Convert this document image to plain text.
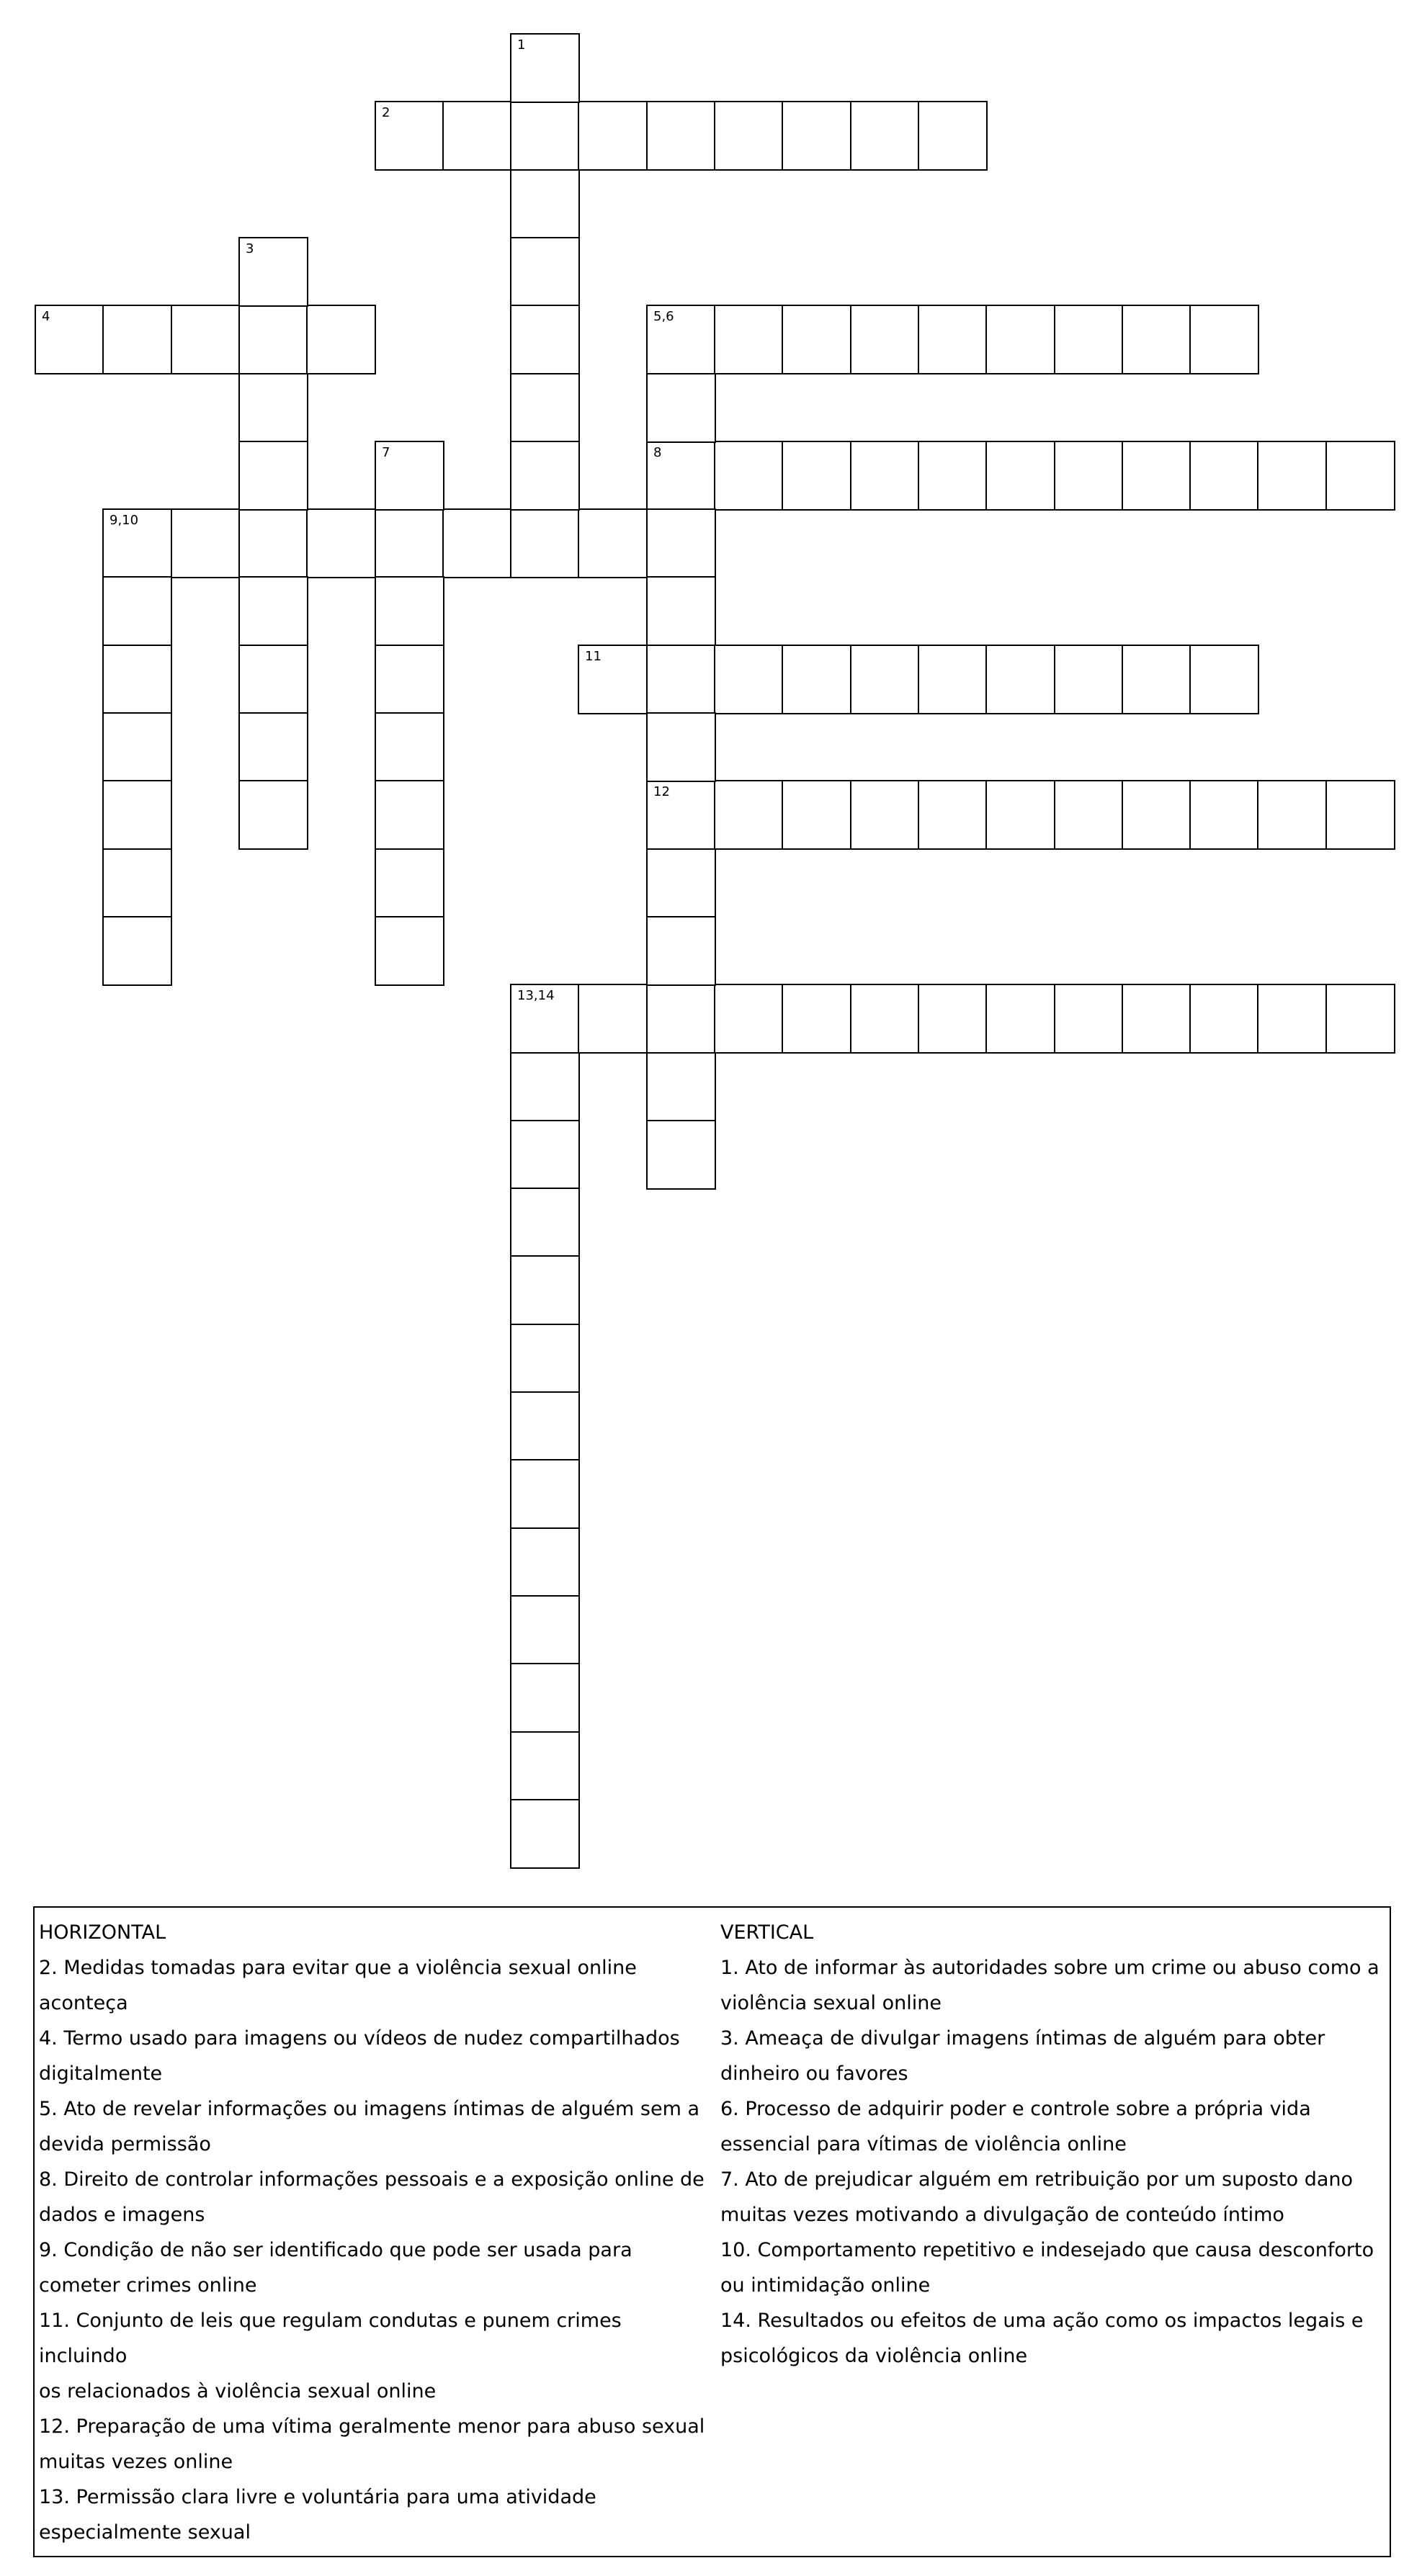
2
4	5,6
8
9,10
11
12
13,14
1
3
7
HORIZONTAL
2. Medidas tomadas para evitar que a violência sexual online
aconteça
4. Termo usado para imagens ou vídeos de nudez compartilhados
digitalmente
5. Ato de revelar informações ou imagens íntimas de alguém sem a
devida permissão
8. Direito de controlar informações pessoais e a exposição online de
dados e imagens
9. Condição de não ser identificado que pode ser usada para
cometer crimes online
11. Conjunto de leis que regulam condutas e punem crimes incluindo
os relacionados à violência sexual online
12. Preparação de uma vítima geralmente menor para abuso sexual
muitas vezes online
13. Permissão clara livre e voluntária para uma atividade
especialmente sexual
VERTICAL
1. Ato de informar às autoridades sobre um crime ou abuso como a
violência sexual online
3. Ameaça de divulgar imagens íntimas de alguém para obter
dinheiro ou favores
6. Processo de adquirir poder e controle sobre a própria vida
essencial para vítimas de violência online
7. Ato de prejudicar alguém em retribuição por um suposto dano
muitas vezes motivando a divulgação de conteúdo íntimo
10. Comportamento repetitivo e indesejado que causa desconforto
ou intimidação online
14. Resultados ou efeitos de uma ação como os impactos legais e
psicológicos da violência online
